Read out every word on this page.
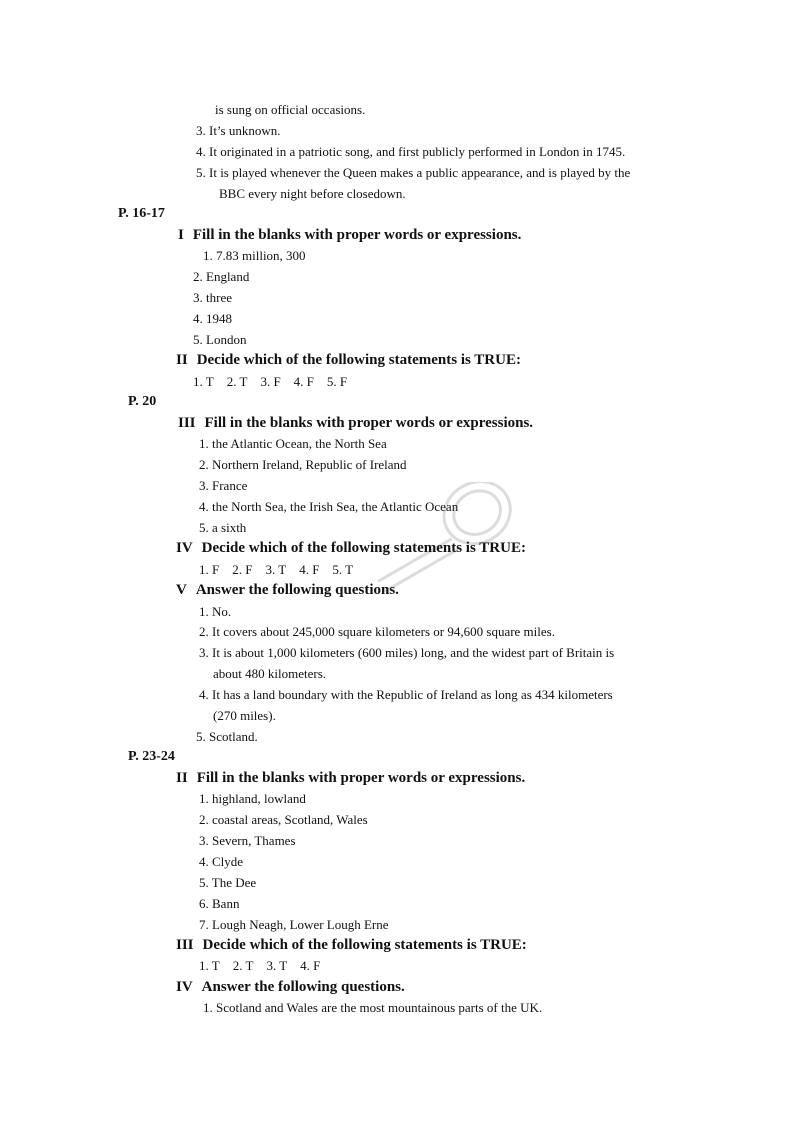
is sung on official occasions.
3. It’s unknown.
4. It originated in a patriotic song, and first publicly performed in London in 1745.
5. It is played whenever the Queen makes a public appearance, and is played by the
BBC every night before closedown.
P. 16-17
I Fill in the blanks with proper words or expressions.
1. 7.83 million, 300
2. England
3. three
4. 1948
5. London
II Decide which of the following statements is TRUE:
1. T 2. T 3. F 4. F 5. F
P. 20
III Fill in the blanks with proper words or expressions.
1. the Atlantic Ocean, the North Sea
2. Northern Ireland, Republic of Ireland
3. France
4. the North Sea, the Irish Sea, the Atlantic Ocean
5. a sixth
IV Decide which of the following statements is TRUE:
1. F 2. F 3. T 4. F 5. T
V Answer the following questions.
1. No.
2. It covers about 245,000 square kilometers or 94,600 square miles.
3. It is about 1,000 kilometers (600 miles) long, and the widest part of Britain is
about 480 kilometers.
4. It has a land boundary with the Republic of Ireland as long as 434 kilometers
(270 miles).
5. Scotland.
P. 23-24
II Fill in the blanks with proper words or expressions.
1. highland, lowland
2. coastal areas, Scotland, Wales
3. Severn, Thames
4. Clyde
5. The Dee
6. Bann
7. Lough Neagh, Lower Lough Erne
III Decide which of the following statements is TRUE:
1. T 2. T 3. T 4. F
IV Answer the following questions.
1. Scotland and Wales are the most mountainous parts of the UK.
